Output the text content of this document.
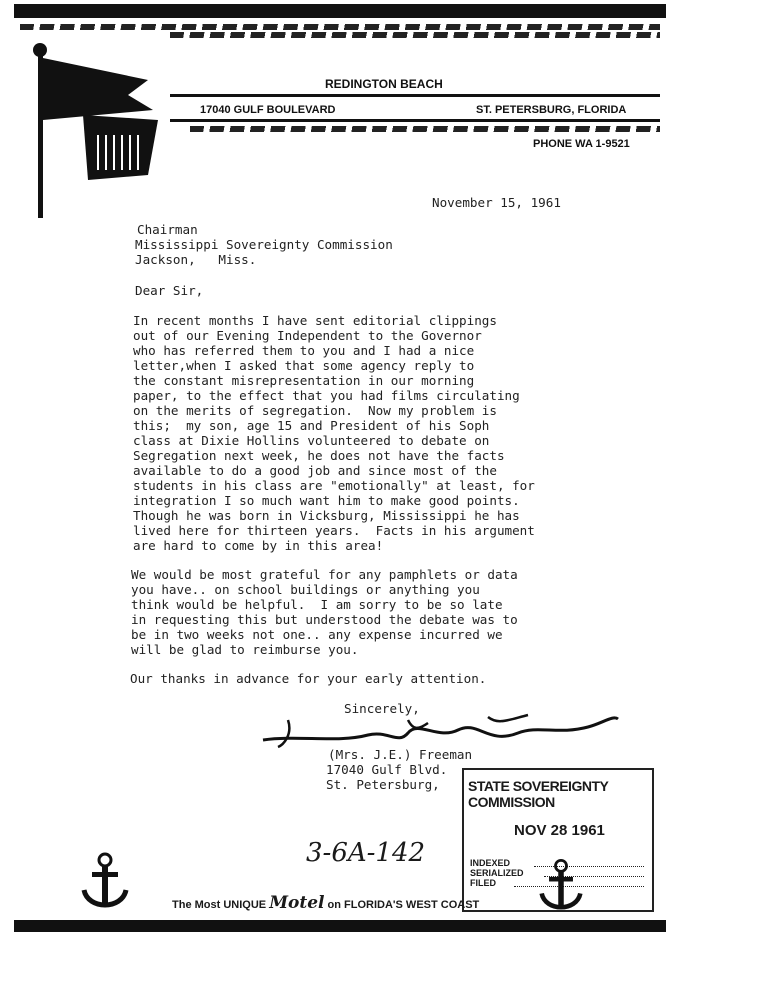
REDINGTON BEACH
17040 GULF BOULEVARD	ST. PETERSBURG, FLORIDA
PHONE WA 1-9521
November 15, 1961
Chairman
Mississippi Sovereignty Commission
Jackson,   Miss.
Dear Sir,
In recent months I have sent editorial clippings
out of our Evening Independent to the Governor
who has referred them to you and I had a nice
letter,when I asked that some agency reply to
the constant misrepresentation in our morning
paper, to the effect that you had films circulating
on the merits of segregation.  Now my problem is
this;  my son, age 15 and President of his Soph
class at Dixie Hollins volunteered to debate on
Segregation next week, he does not have the facts
available to do a good job and since most of the
students in his class are "emotionally" at least, for
integration I so much want him to make good points.
Though he was born in Vicksburg, Mississippi he has
lived here for thirteen years.  Facts in his argument
are hard to come by in this area!
We would be most grateful for any pamphlets or data
you have.. on school buildings or anything you
think would be helpful.  I am sorry to be so late
in requesting this but understood the debate was to
be in two weeks not one.. any expense incurred we
will be glad to reimburse you.
Our thanks in advance for your early attention.
Sincerely,
(Mrs. J.E.) Freeman
17040 Gulf Blvd.
St. Petersburg, STATE SOVEREIGNTY COMMISSION
NOV 28 1961
INDEXED
SERIALIZED
FILED
3-6A-142
The Most UNIQUE Motel on FLORIDA'S WEST COAST
